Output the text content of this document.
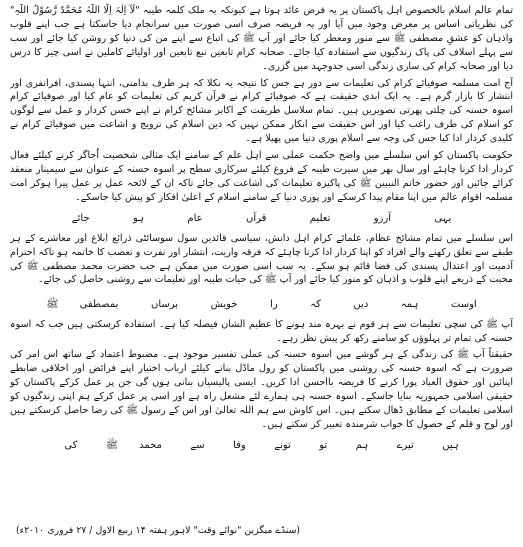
تمام عالم اسلام بالخصوص اہل پاکستان پر یہ فرض عائد ہوتا ہے کیونکہ یہ ملک کلمہ طیبہ "لَآ اِلٰہَ اِلَّا اللّٰہُ مُحَمَّدٌ رَّسُوْلُ اللّٰہِ" کی نظریاتی اساس پر معرض وجود میں آیا اور یہ فریضہ صرف اسی صورت میں سرانجام دیا جاسکتا ہے جب اپنے قلوب واذہان کو عشقِ مصطفی ﷺ سے منور ومعطر کیا جائے اور آپ ﷺ کی اتباع سے اپنے من کی دنیا کو روشن کیا جائے اور سب سے پہلے اسلاف کی پاک زندگیوں سے استفادہ کیا جائے۔ صحابہ کرام تابعین تبع تابعین اور اولیائے کاملین نے اسی چیز کا درس دیا اور صحابہ کرام کی ساری زندگی اسی جدوجہد میں گزری۔

آج امت مسلمہ صوفیائے کرام کی تعلیمات سے دور ہے جس کا نتیجہ یہ نکلا کہ ہر طرف بدامنی، انتہا پسندی، افراتفری اور انتشار کا بازار گرم ہے۔ یہ ایک ابدی حقیقت ہے کہ صوفیائے کرام نے قرآن کریم کی تعلیمات کو عام کیا اور صوفیائے کرام اسوہ حسنہ کی چلتی پھرتی تصویریں ہیں۔ تمام سلاسل طریقت کے اکابر مشائخ کرام نے اپنے حسن کردار و عمل سے لوگوں کو اسلام کی طرف راغب کیا اور اس حقیقت سے انکار ممکن نہیں کہ دین اسلام کی ترویج و اشاعت میں صوفیائے کرام نے کلیدی کردار ادا کیا جس کی وجہ سے اسلام پوری دنیا میں پھیلا ہے۔

حکومت پاکستان کو اس سلسلے میں واضح حکمت عملی سے اہل علم کے سامنے ایک مثالی شخصیت اُجاگر کرنے کیلئے فعال کردار ادا کرنا چاہئے اور سال بھر میں سیرت طیبہ کے فروغ کیلئے سرکاری سطح پر اسوہ حسنہ کے عنوان سے سیمینار منعقد کرائے جائیں اور حضور خاتم النبیین ﷺ کی پاکیزہ تعلیمات کی اشاعت کی جائے تاکہ ان کے لائحہ عمل پر عمل پیرا ہوکر امت مسلمہ اقوام عالم میں اپنا مقام پیدا کرسکے اور پوری دنیا کے سامنے اسلام کے اعلیٰ افکار کو پیش کیا جاسکے۔

یہی
آرزو
تعلیم
قرآں
عام
ہو
جائے

اس سلسلے میں تمام مشائخ عظام، علمائے کرام اہل دانش، سیاسی قائدین سول سوسائٹی ذرائع ابلاغ اور معاشرے کے ہر طبقے سے تعلق رکھنے والے افراد کو اپنا کردار ادا کرنا چاہئے کہ فرقہ واریت، انتشار اور نفرت و تعصب کا خاتمہ ہو تاکہ احترام آدمیت اور اعتدال پسندی کی فضا قائم ہو سکے۔ یہ سب اسی صورت میں ممکن ہے جب حضرت محمد مصطفی ﷺ کی محبت کے ذریعے اپنے قلوب و اذہان کو منور کیا جائے اور آپ ﷺ کی حیات طیبہ اور تعلیمات سے روشنی حاصل کی جائے۔

اوست
ہمہ
دیں
کہ
را
خویش
برساں
بمصطفی ﷺ

آپ ﷺ کی سچی تعلیمات سے ہر قوم نے بہرہ مند ہونے کا عظیم الشان فیصلہ کیا ہے۔ استفادہ کرسکتی ہیں جب کہ اسوہ حسنہ کی تمام تر پہلوؤں کو سامنے رکھ کر پیش نظر رہے۔

حقیقتاً آپ ﷺ کی زندگی کے ہر گوشے میں اسوہ حسنہ کی عملی تفسیر موجود ہے۔ مضبوط اعتماد کے ساتھ اس امر کی ضرورت ہے کہ اسوہ حسنہ کی روشنی میں پاکستان کو رول ماڈل بنانے کیلئے ارباب اختیار اپنے فرائض اور اخلاقی ضابطے اپنائیں اور حقوق العباد پورا کرنے کا فریضہ بااحسن ادا کریں۔ ایسی پالیسیاں بنانی ہوں گی جن پر عمل کرکے پاکستان کو حقیقی اسلامی جمہوریہ بنایا جاسکے۔ اسوہ حسنہ ہی ہمارے لئے مشعل راہ ہے اور اسی پر عمل کرکے ہم اپنی زندگیوں کو اسلامی تعلیمات کے مطابق ڈھال سکتے ہیں۔ اس کاوش سے ہم اللہ تعالیٰ اور اس کے رسول ﷺ کی رضا حاصل کرسکتے ہیں اور لوح و قلم کے حصول کا خواب شرمندہ تعبیر کر سکتے ہیں۔

ہیں
تیرے
ہم
تو
تونے
وفا
سے
محمد ﷺ
کی
(سنڈے میگزین "نوائے وقت" لاہور ہفتہ ۱۴ ربیع الاول / ۲۷ فروری ۲۰۱۰ء)
